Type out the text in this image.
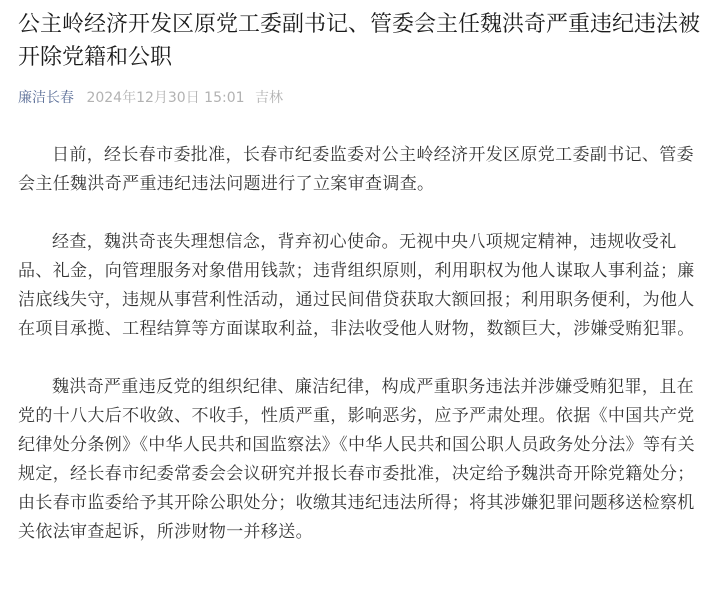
公主岭经济开发区原党工委副书记、管委会主任魏洪奇严重违纪违法被开除党籍和公职
廉洁长春 2024年12月30日 15:01 吉林

日前，经长春市委批准，长春市纪委监委对公主岭经济开发区原党工委副书记、管委会主任魏洪奇严重违纪违法问题进行了立案审查调查。

经查，魏洪奇丧失理想信念，背弃初心使命。无视中央八项规定精神，违规收受礼品、礼金，向管理服务对象借用钱款；违背组织原则，利用职权为他人谋取人事利益；廉洁底线失守，违规从事营利性活动，通过民间借贷获取大额回报；利用职务便利，为他人在项目承揽、工程结算等方面谋取利益，非法收受他人财物，数额巨大，涉嫌受贿犯罪。

魏洪奇严重违反党的组织纪律、廉洁纪律，构成严重职务违法并涉嫌受贿犯罪，且在党的十八大后不收敛、不收手，性质严重，影响恶劣，应予严肃处理。依据《中国共产党纪律处分条例》《中华人民共和国监察法》《中华人民共和国公职人员政务处分法》等有关规定，经长春市纪委常委会会议研究并报长春市委批准，决定给予魏洪奇开除党籍处分；由长春市监委给予其开除公职处分；收缴其违纪违法所得；将其涉嫌犯罪问题移送检察机关依法审查起诉，所涉财物一并移送。
